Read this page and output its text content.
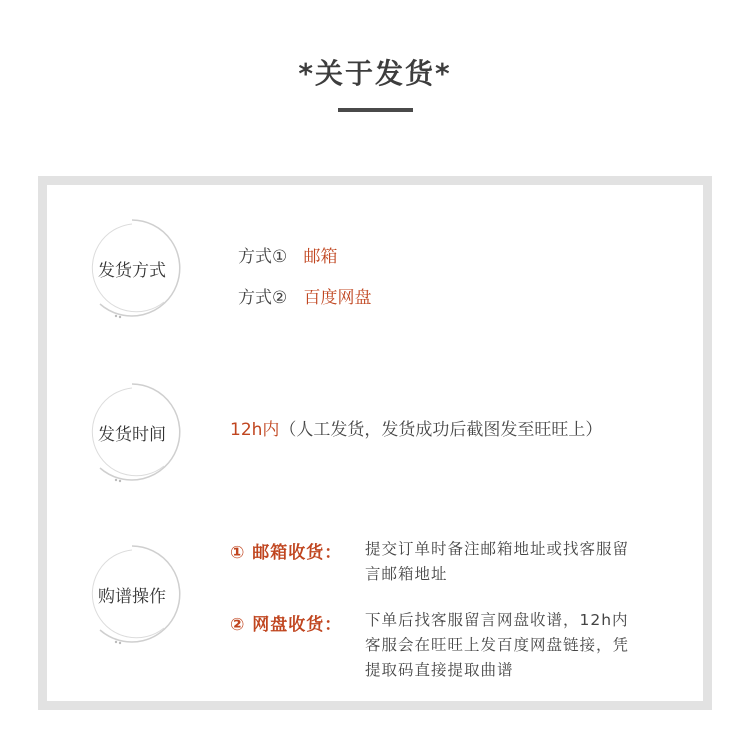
*关于发货*
发货方式
方式① 邮箱
方式② 百度网盘
发货时间	12h内（人工发货，发货成功后截图发至旺旺上）
购谱操作
① 邮箱收货： 提交订单时备注邮箱地址或找客服留
言邮箱地址
② 网盘收货： 下单后找客服留言网盘收谱，12h内
客服会在旺旺上发百度网盘链接，凭
提取码直接提取曲谱
